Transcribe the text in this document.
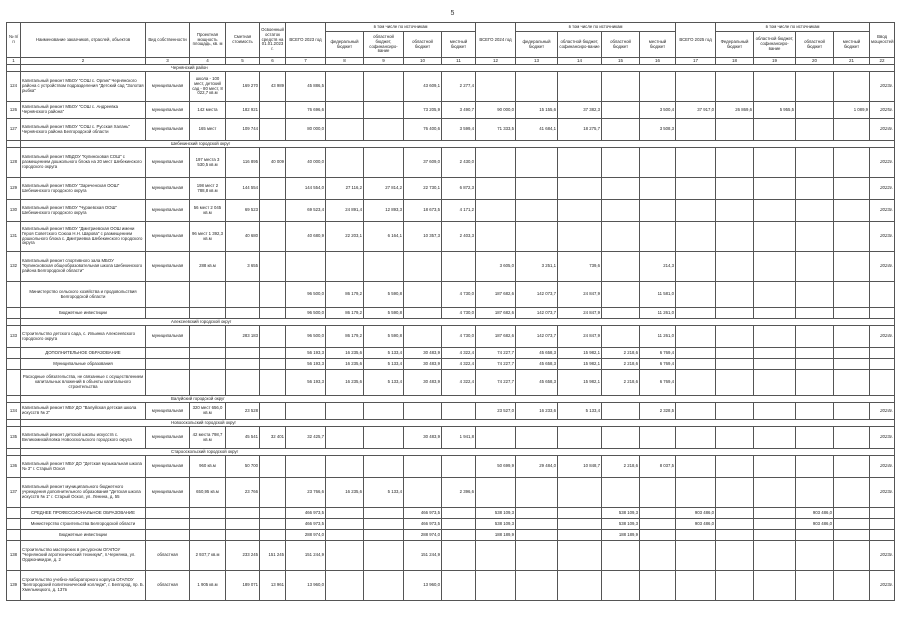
5
№ п/п	Наименование заказчиков, отраслей, объектов	Вид собственности	Проектная мощность площадь, кв. м	Сметная стоимость	Освоенный остаток средств на 01.01.2023 г.	ВСЕГО 2023 год	в том числе по источникам				ВСЕГО 2024 год	в том числе по источникам				ВСЕГО 2025 год	в том числе по источникам				Ввод мощностей
							федеральный бюджет	областной бюджет, софинансиро-вание	областной бюджет	местный бюджет		федеральный бюджет	областной бюджет, софинансиро-вание	областной бюджет	местный бюджет		Федеральный бюджет	областной бюджет, софинансиро-вание	областной бюджет	местный бюджет	
1	2	3	4	5	6	7	8	9	10	11	12	13	14	15	16	17	18	19	20	21	22
	Чернянский район																				
124	Капитальный ремонт МБОУ "СОШ с. Орлик" Чернянского района с устройством подразделения "Детский сад "Золотая рыбка"	муниципальная	школа - 100 мест, детский сад - 80 мест, 8 022,7 кв.м	169 270	43 989	45 886,5			43 609,1	2 277,4											2023г.
126	Капитальный ремонт МБОУ "СОШ с. Андреевка Чернянского района"	муниципальная	142 места	182 921		76 696,6			73 205,9	3 490,7	90 000,0	15 155,6	37 382,3		3 500,4	37 917,0	26 869,6	5 955,5		1 089,9	2025г.
127	Капитальный ремонт МБОУ "СОШ с. Русская Халань" Чернянского района Белгородской области	муниципальная	165 мест	109 744		80 000,0			76 400,6	3 599,4	71 333,5	41 684,1	18 275,7		3 508,3						2024г.
	Шебекинский городской округ																				
128	Капитальный ремонт МБДОУ "Купинсковая СОШ" с размещением дошкольного блока на 20 мест Шебекинского городского округа	муниципальная	197 места 3 530,5 кв.м	116 895	40 009	40 000,0			37 609,0	2 430,0											2022г.
129	Капитальный ремонт МБОУ "Зареченская ООШ" Шебекинского городского округа	муниципальная	198 мест 2 788,8 кв.м	144 554		144 554,0	27 116,2	27 814,2	22 730,1	6 872,3											2022г.
130	Капитальный ремонт МБОУ "Чураевская ООШ" Шебекинского городского округа	муниципальная	56 мест 2 045 кв.м	69 523		69 523,4	24 891,4	12 893,3	18 673,5	4 171,2											2023г.
131	Капитальный ремонт МБОУ "Дмитриевская ООШ имени Героя Советского Союза Н.Н. Шарова" с размещением дошкольного блока с. Дмитриевка Шебекинского городского округа	муниципальная	96 мест 1 392,3 кв.м	40 680		40 680,9	22 203,1	6 164,1	10 357,3	2 403,3											2023г.
132	Капитальный ремонт спортивного зала МБОУ "Купинсковская общеобразовательная школа Шебекинского района Белгородской области"	муниципальная	288 кв.м	3 655							3 605,0	3 251,1	739,6		214,3						2024г.
	Министерство сельского хозяйства и продовольствия Белгородской области					96 500,0	86 179,2	5 590,8		4 730,0	187 682,6	142 073,7	24 847,9		11 581,0						
	Бюджетные инвестиции					96 500,0	86 179,2	5 590,8		4 730,0	187 682,6	142 073,7	24 847,9		11 261,0						
	Алексеевский городской округ																				
133	Строительство детского сада, с. Ильинка Алексеевского городского округа	муниципальная		283 183		96 500,0	86 179,2	5 590,8		4 730,0	187 682,6	142 073,7	24 847,9		11 261,0						2024г.
	ДОПОЛНИТЕЛЬНОЕ ОБРАЗОВАНИЕ					56 193,3	16 235,6	5 133,4	30 483,9	4 322,4	74 227,7	45 658,3	15 982,1	2 218,6	6 769,4						
	Муниципальные образования					56 193,3	16 235,6	5 133,4	30 483,9	4 322,4	74 227,7	45 658,3	15 982,1	2 218,6	6 769,4						
	Расходные обязательства, не связанные с осуществлением капитальных вложений в объекты капитального строительства					56 193,3	16 235,6	5 133,4	30 483,9	4 322,4	74 227,7	45 658,3	15 982,1	2 218,6	6 769,4						
	Валуйский городской округ																				
134	Капитальный ремонт МБУ ДО "Валуйская детская школа искусств № 2"	муниципальная	320 мест 656,0 кв.м	23 528							23 527,0	16 233,6	5 133,4		2 328,5						2024г.
	Новооскольский городской округ																				
135	Капитальный ремонт детской школы искусств с. Великомихайловка Новооскольского городского округа	муниципальная	42 места 798,7 кв.м	45 541	32 401	32 425,7			30 483,9	1 941,8											2023г.
	Старооскольский городской округ																				
136	Капитальный ремонт МБУ ДО "Детская музыкальная школа № 3" г. Старый Оскол	муниципальная	960 кв.м	50 700							50 699,9	29 484,0	10 848,7	2 218,6	8 037,5						2024г.
137	Капитальный ремонт муниципального бюджетного учреждения дополнительного образования "Детская школа искусств № 1" г. Старый Оскол, ул. Ленина, д. 55	муниципальная	650,95 кв.м	23 766		23 766,6	16 235,6	5 133,4		2 396,6											2023г.
	СРЕДНЕЕ ПРОФЕССИОНАЛЬНОЕ ОБРАЗОВАНИЕ					466 973,5			466 973,5		538 109,3			538 109,3		903 486,0			903 486,0		
	Министерство строительства Белгородской области					466 973,5			466 973,5		538 109,3			538 109,3		903 486,0			903 486,0		
	Бюджетные инвестиции					288 974,0			288 974,0		188 189,9			188 189,9							
138	Строительство мастерских в ресурсном ОГАПОУ "Чернянский агротехнический техникум", п.Чернянка, ул. Орджоникидзе, д. 2	областная	2 937,7 кв.м	233 245	151 245	151 244,9			151 244,9												2023г.
139	Строительство учебно-лабораторного корпуса ОГАПОУ "Белгородский политехнический колледж", г. Белгород, пр. Б. Хмельницкого, д. 137в	областная	1 905 кв.м	189 071	13 961	13 960,0			13 960,0												2023г.
